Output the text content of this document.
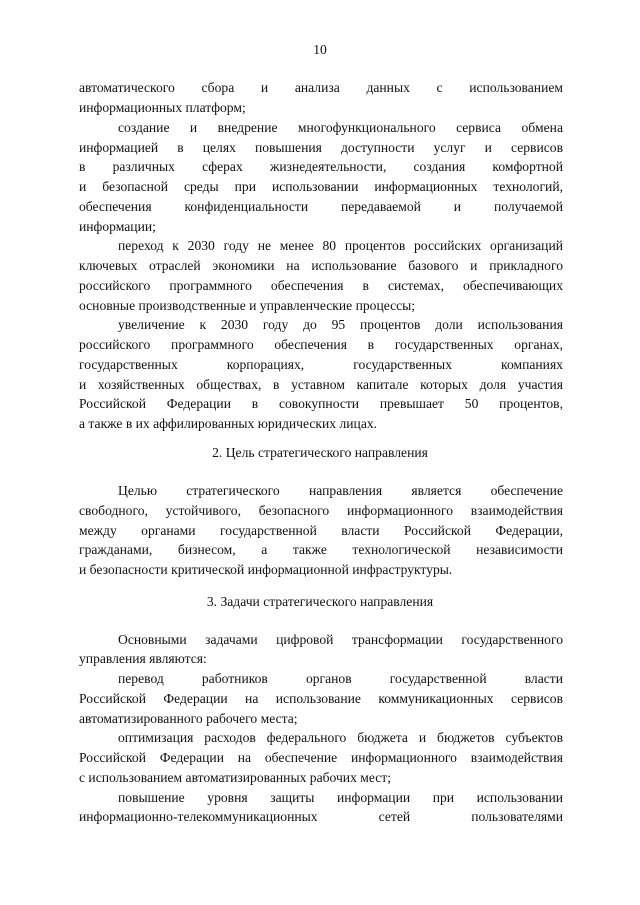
10
автоматического сбора и анализа данных с использованием
информационных платформ;
создание и внедрение многофункционального сервиса обмена
информацией в целях повышения доступности услуг и сервисов
в различных сферах жизнедеятельности, создания комфортной
и безопасной среды при использовании информационных технологий,
обеспечения конфиденциальности передаваемой и получаемой
информации;
переход к 2030 году не менее 80 процентов российских организаций
ключевых отраслей экономики на использование базового и прикладного
российского программного обеспечения в системах, обеспечивающих
основные производственные и управленческие процессы;
увеличение к 2030 году до 95 процентов доли использования
российского программного обеспечения в государственных органах,
государственных корпорациях, государственных компаниях
и хозяйственных обществах, в уставном капитале которых доля участия
Российской Федерации в совокупности превышает 50 процентов,
а также в их аффилированных юридических лицах.
2. Цель стратегического направления
Целью стратегического направления является обеспечение
свободного, устойчивого, безопасного информационного взаимодействия
между органами государственной власти Российской Федерации,
гражданами, бизнесом, а также технологической независимости
и безопасности критической информационной инфраструктуры.
3. Задачи стратегического направления
Основными задачами цифровой трансформации государственного
управления являются:
перевод работников органов государственной власти
Российской Федерации на использование коммуникационных сервисов
автоматизированного рабочего места;
оптимизация расходов федерального бюджета и бюджетов субъектов
Российской Федерации на обеспечение информационного взаимодействия
с использованием автоматизированных рабочих мест;
повышение уровня защиты информации при использовании
информационно-телекоммуникационных сетей пользователями
